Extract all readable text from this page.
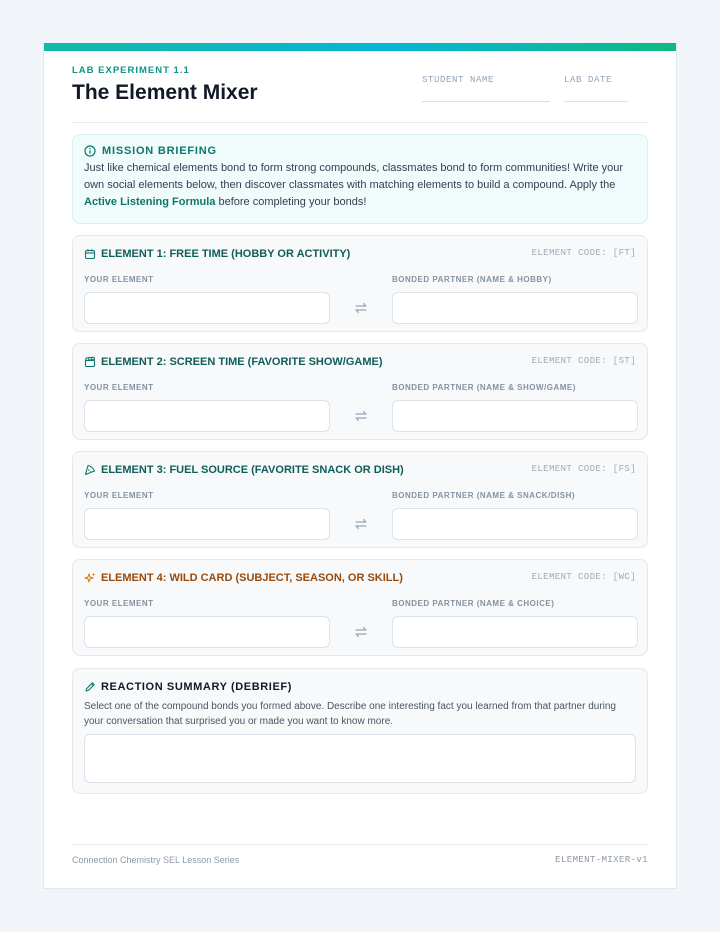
LAB EXPERIMENT 1.1
The Element Mixer
STUDENT NAME	LAB DATE
MISSION BRIEFING
Just like chemical elements bond to form strong compounds, classmates bond to form communities! Write your own social elements below, then discover classmates with matching elements to build a compound. Apply the Active Listening Formula before completing your bonds!
ELEMENT 1: FREE TIME (HOBBY OR ACTIVITY)	ELEMENT CODE: [FT]
YOUR ELEMENT	BONDED PARTNER (NAME & HOBBY)
ELEMENT 2: SCREEN TIME (FAVORITE SHOW/GAME)	ELEMENT CODE: [ST]
YOUR ELEMENT	BONDED PARTNER (NAME & SHOW/GAME)
ELEMENT 3: FUEL SOURCE (FAVORITE SNACK OR DISH)	ELEMENT CODE: [FS]
YOUR ELEMENT	BONDED PARTNER (NAME & SNACK/DISH)
ELEMENT 4: WILD CARD (SUBJECT, SEASON, OR SKILL)	ELEMENT CODE: [WC]
YOUR ELEMENT	BONDED PARTNER (NAME & CHOICE)
REACTION SUMMARY (DEBRIEF)
Select one of the compound bonds you formed above. Describe one interesting fact you learned from that partner during your conversation that surprised you or made you want to know more.
Connection Chemistry SEL Lesson Series	ELEMENT-MIXER-v1
